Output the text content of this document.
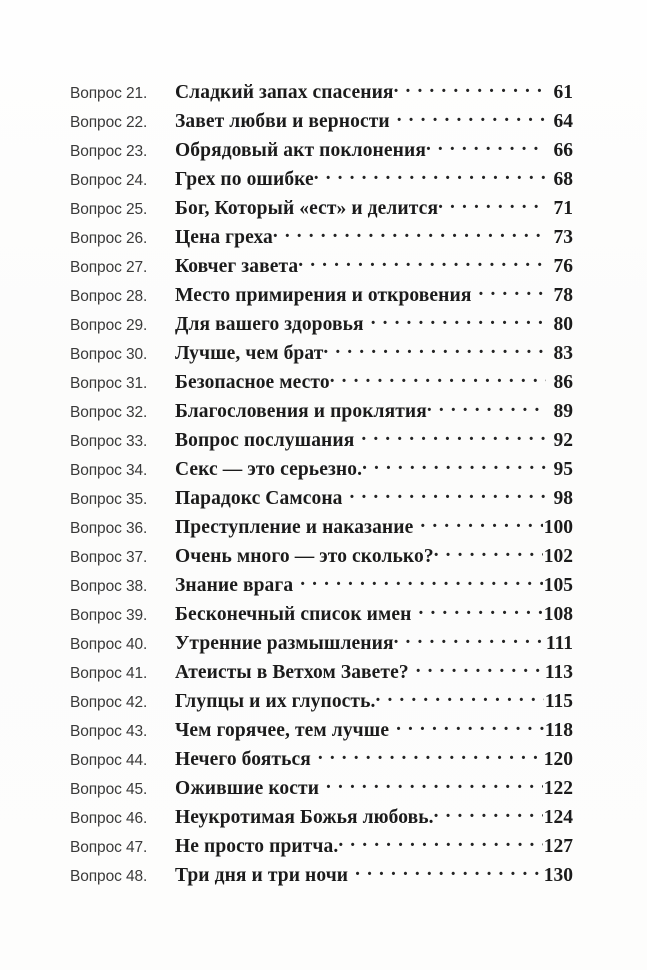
Вопрос 21.	Сладкий запах спасения . . .	61
Вопрос 22.	Завет любви и верности . . .	64
Вопрос 23.	Обрядовый акт поклонения . . .	66
Вопрос 24.	Грех по ошибке . . .	68
Вопрос 25.	Бог, Который «ест» и делится . . .	71
Вопрос 26.	Цена греха . . .	73
Вопрос 27.	Ковчег завета . . .	76
Вопрос 28.	Место примирения и откровения . . .	78
Вопрос 29.	Для вашего здоровья . . .	80
Вопрос 30.	Лучше, чем брат . . .	83
Вопрос 31.	Безопасное место . . .	86
Вопрос 32.	Благословения и проклятия . . .	89
Вопрос 33.	Вопрос послушания . . .	92
Вопрос 34.	Секс — это серьезно. . . .	95
Вопрос 35.	Парадокс Самсона . . .	98
Вопрос 36.	Преступление и наказание . . .	100
Вопрос 37.	Очень много — это сколько? . . .	102
Вопрос 38.	Знание врага . . .	105
Вопрос 39.	Бесконечный список имен . . .	108
Вопрос 40.	Утренние размышления . . .	111
Вопрос 41.	Атеисты в Ветхом Завете? . . .	113
Вопрос 42.	Глупцы и их глупость. . . .	115
Вопрос 43.	Чем горячее, тем лучше . . .	118
Вопрос 44.	Нечего бояться . . .	120
Вопрос 45.	Ожившие кости . . .	122
Вопрос 46.	Неукротимая Божья любовь. . . .	124
Вопрос 47.	Не просто притча. . . .	127
Вопрос 48.	Три дня и три ночи . . .	130
